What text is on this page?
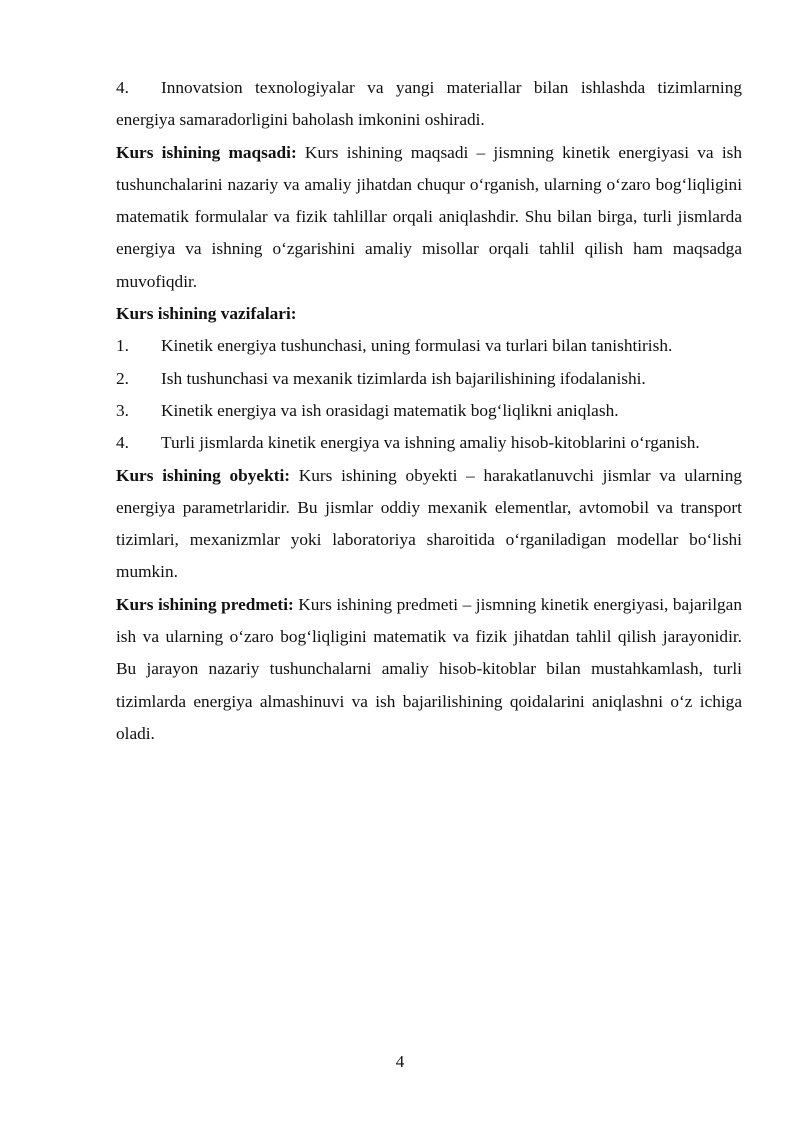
4. Innovatsion texnologiyalar va yangi materiallar bilan ishlashda tizimlarning energiya samaradorligini baholash imkonini oshiradi.

Kurs ishining maqsadi: Kurs ishining maqsadi – jismning kinetik energiyasi va ish tushunchalarini nazariy va amaliy jihatdan chuqur o‘rganish, ularning o‘zaro bog‘liqligini matematik formulalar va fizik tahlillar orqali aniqlashdir. Shu bilan birga, turli jismlarda energiya va ishning o‘zgarishini amaliy misollar orqali tahlil qilish ham maqsadga muvofiqdir.

Kurs ishining vazifalari:

1. Kinetik energiya tushunchasi, uning formulasi va turlari bilan tanishtirish.

2. Ish tushunchasi va mexanik tizimlarda ish bajarilishining ifodalanishi.

3. Kinetik energiya va ish orasidagi matematik bog‘liqlikni aniqlash.

4. Turli jismlarda kinetik energiya va ishning amaliy hisob-kitoblarini o‘rganish.

Kurs ishining obyekti: Kurs ishining obyekti – harakatlanuvchi jismlar va ularning energiya parametrlaridir. Bu jismlar oddiy mexanik elementlar, avtomobil va transport tizimlari, mexanizmlar yoki laboratoriya sharoitida o‘rganiladigan modellar bo‘lishi mumkin.

Kurs ishining predmeti: Kurs ishining predmeti – jismning kinetik energiyasi, bajarilgan ish va ularning o‘zaro bog‘liqligini matematik va fizik jihatdan tahlil qilish jarayonidir. Bu jarayon nazariy tushunchalarni amaliy hisob-kitoblar bilan mustahkamlash, turli tizimlarda energiya almashinuvi va ish bajarilishining qoidalarini aniqlashni o‘z ichiga oladi.

4
